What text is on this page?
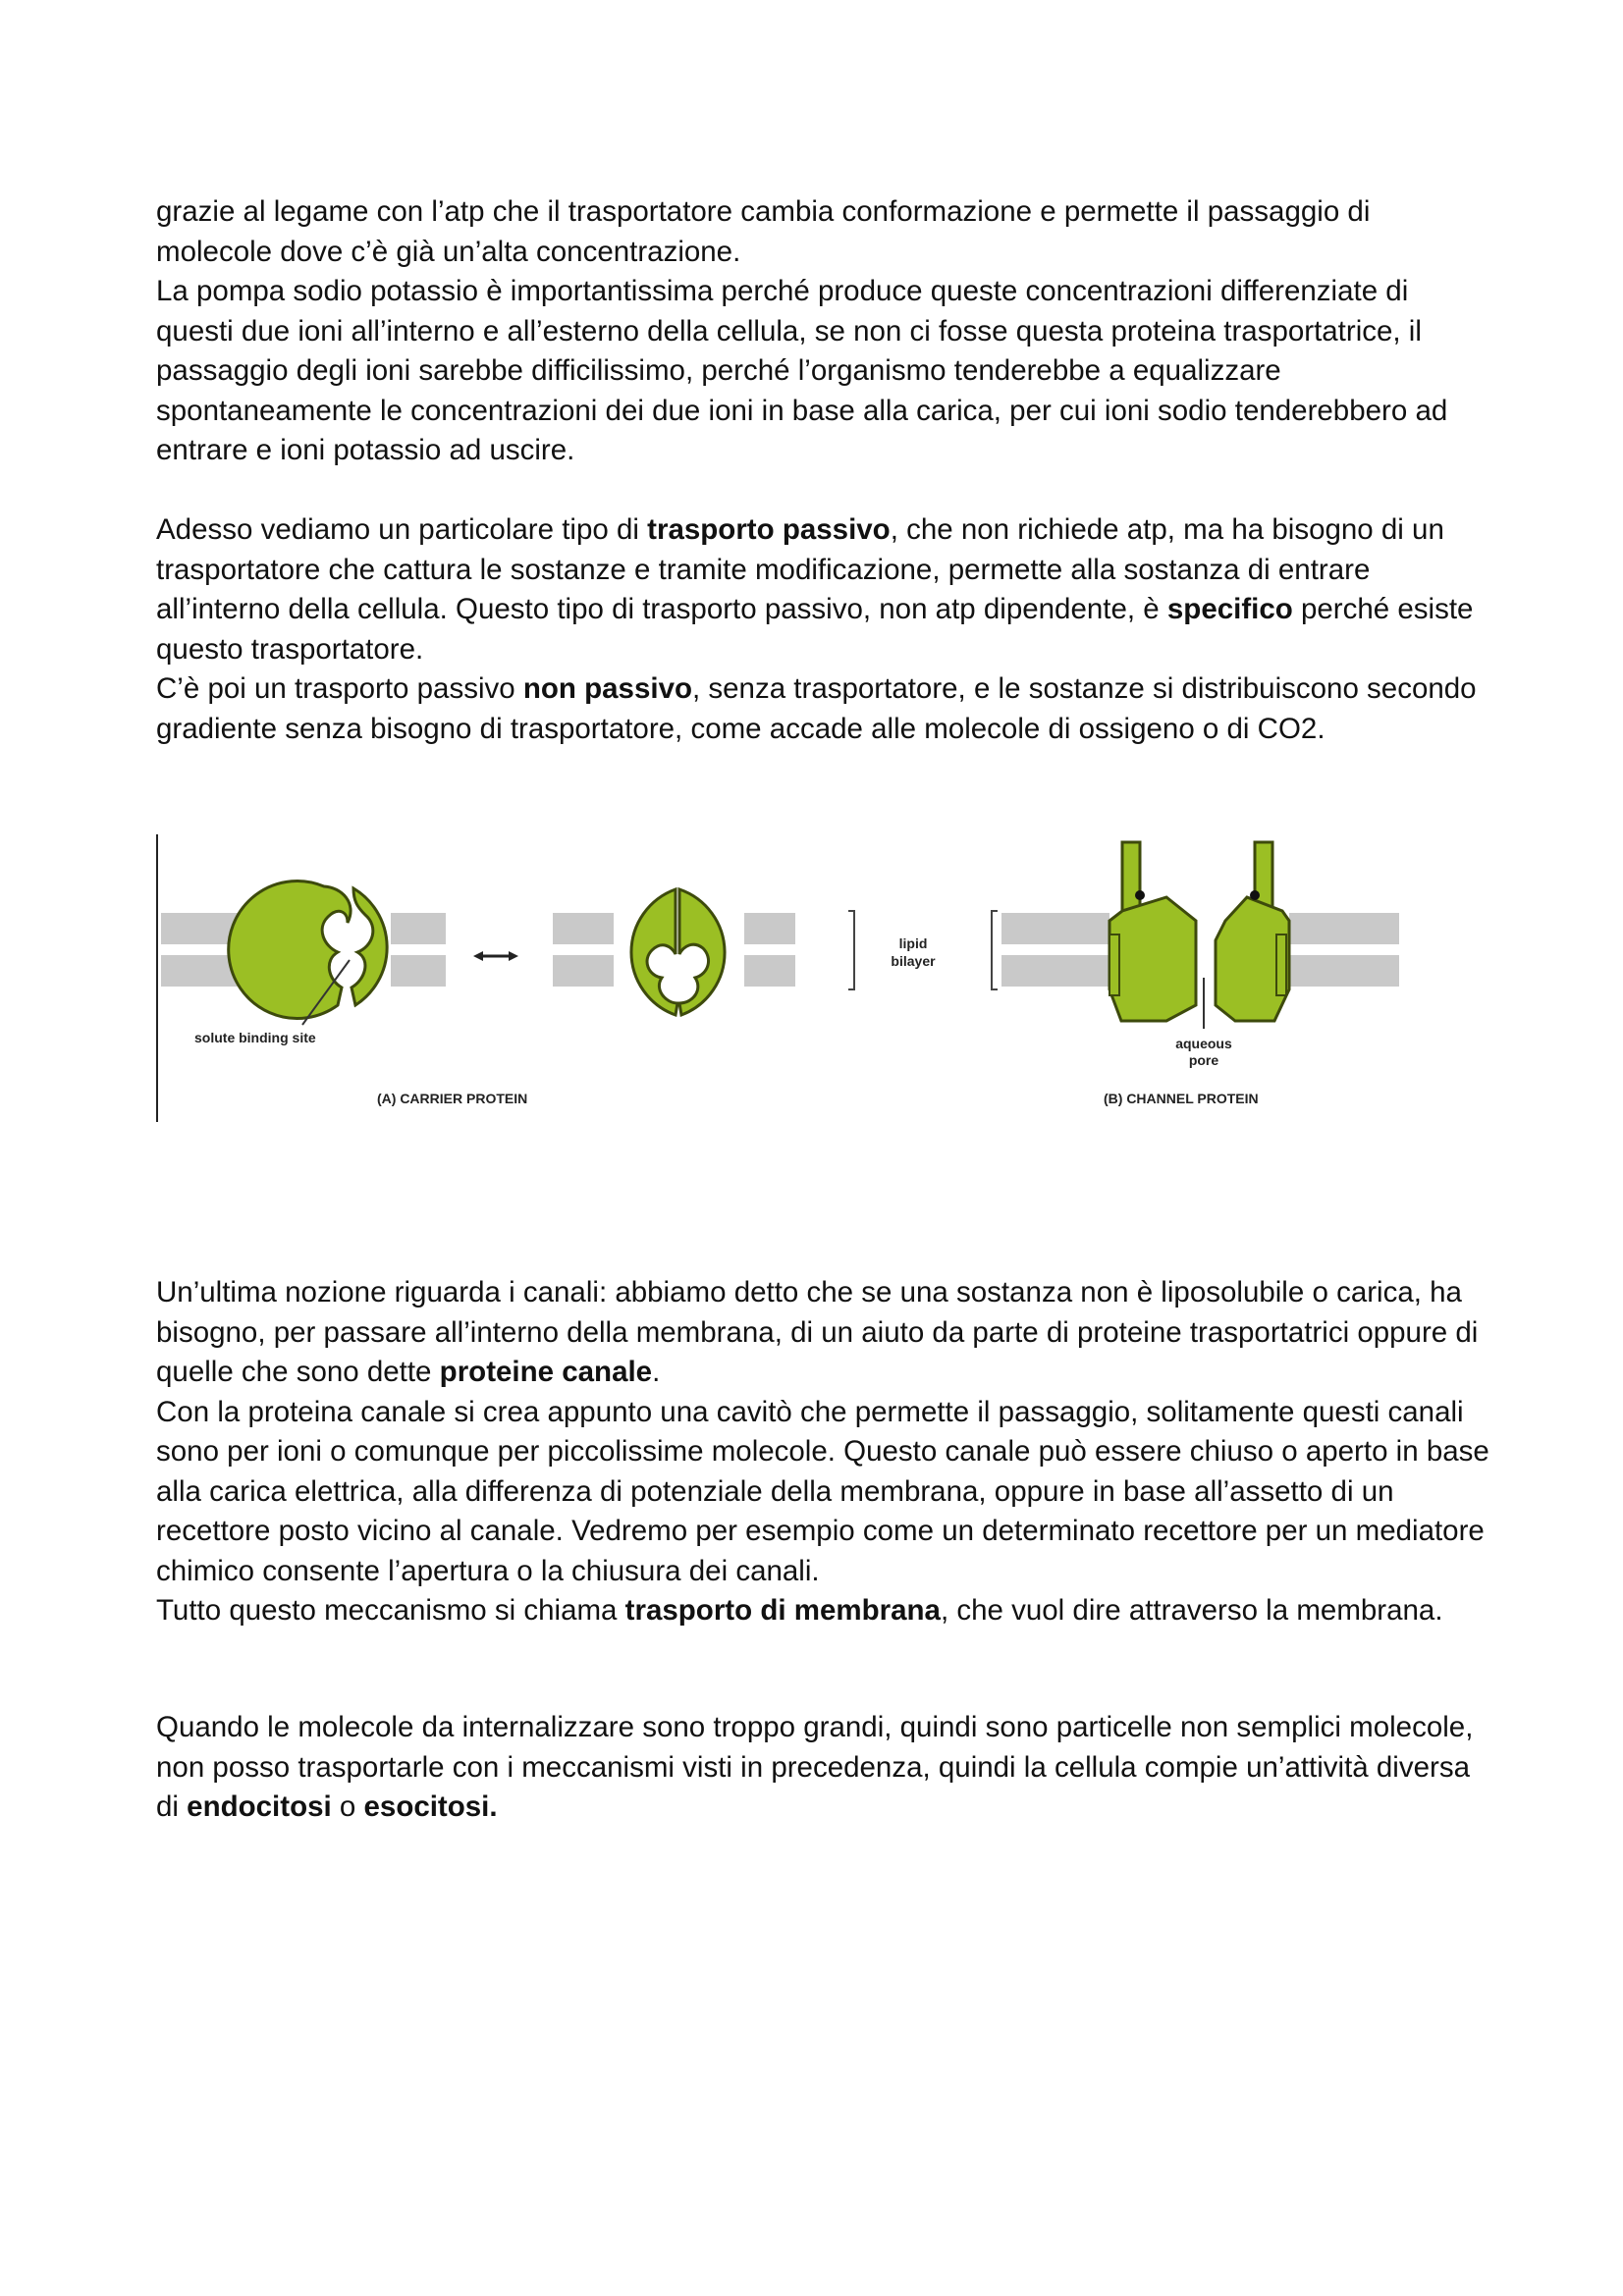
grazie al legame con l’atp che il trasportatore cambia conformazione e permette il passaggio di molecole dove c’è già un’alta concentrazione.

La pompa sodio potassio è importantissima perché produce queste concentrazioni differenziate di questi due ioni all’interno e all’esterno della cellula, se non ci fosse questa proteina trasportatrice, il passaggio degli ioni sarebbe difficilissimo, perché l’organismo tenderebbe a equalizzare spontaneamente le concentrazioni dei due ioni in base alla carica, per cui ioni sodio tenderebbero ad entrare e ioni potassio ad uscire.

Adesso vediamo un particolare tipo di trasporto passivo, che non richiede atp, ma ha bisogno di un trasportatore che cattura le sostanze e tramite modificazione, permette alla sostanza di entrare all’interno della cellula. Questo tipo di trasporto passivo, non atp dipendente, è specifico perché esiste questo trasportatore.

C’è poi un trasporto passivo non passivo, senza trasportatore, e le sostanze si distribuiscono secondo gradiente senza bisogno di trasportatore, come accade alle molecole di ossigeno o di CO2.

lipid
bilayer
solute binding site	aqueous
pore
(A) CARRIER PROTEIN	(B) CHANNEL PROTEIN

Un’ultima nozione riguarda i canali: abbiamo detto che se una sostanza non è liposolubile o carica, ha bisogno, per passare all’interno della membrana, di un aiuto da parte di proteine trasportatrici oppure di quelle che sono dette proteine canale.

Con la proteina canale si crea appunto una cavitò che permette il passaggio, solitamente questi canali sono per ioni o comunque per piccolissime molecole. Questo canale può essere chiuso o aperto in base alla carica elettrica, alla differenza di potenziale della membrana, oppure in base all’assetto di un recettore posto vicino al canale. Vedremo per esempio come un determinato recettore per un mediatore chimico consente l’apertura o la chiusura dei canali.

Tutto questo meccanismo si chiama trasporto di membrana, che vuol dire attraverso la membrana.

Quando le molecole da internalizzare sono troppo grandi, quindi sono particelle non semplici molecole, non posso trasportarle con i meccanismi visti in precedenza, quindi la cellula compie un’attività diversa di endocitosi o esocitosi.
